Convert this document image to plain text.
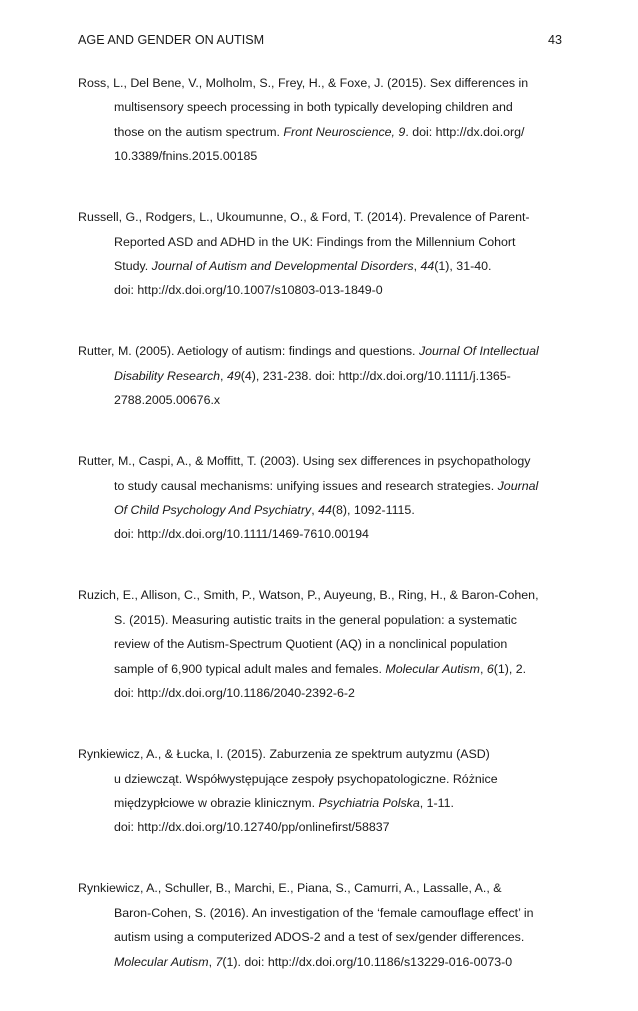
AGE AND GENDER ON AUTISM	43
Ross, L., Del Bene, V., Molholm, S., Frey, H., & Foxe, J. (2015). Sex differences in
multisensory speech processing in both typically developing children and
those on the autism spectrum. Front Neuroscience, 9. doi: http://dx.doi.org/
10.3389/fnins.2015.00185
Russell, G., Rodgers, L., Ukoumunne, O., & Ford, T. (2014). Prevalence of Parent-
Reported ASD and ADHD in the UK: Findings from the Millennium Cohort
Study. Journal of Autism and Developmental Disorders, 44(1), 31-40.
doi: http://dx.doi.org/10.1007/s10803-013-1849-0
Rutter, M. (2005). Aetiology of autism: findings and questions. Journal Of Intellectual
Disability Research, 49(4), 231-238. doi: http://dx.doi.org/10.1111/j.1365-
2788.2005.00676.x
Rutter, M., Caspi, A., & Moffitt, T. (2003). Using sex differences in psychopathology
to study causal mechanisms: unifying issues and research strategies. Journal
Of Child Psychology And Psychiatry, 44(8), 1092-1115.
doi: http://dx.doi.org/10.1111/1469-7610.00194
Ruzich, E., Allison, C., Smith, P., Watson, P., Auyeung, B., Ring, H., & Baron-Cohen,
S. (2015). Measuring autistic traits in the general population: a systematic
review of the Autism-Spectrum Quotient (AQ) in a nonclinical population
sample of 6,900 typical adult males and females. Molecular Autism, 6(1), 2.
doi: http://dx.doi.org/10.1186/2040-2392-6-2
Rynkiewicz, A., & Łucka, I. (2015). Zaburzenia ze spektrum autyzmu (ASD)
u dziewcząt. Współwystępujące zespoły psychopatologiczne. Różnice
międzypłciowe w obrazie klinicznym. Psychiatria Polska, 1-11.
doi: http://dx.doi.org/10.12740/pp/onlinefirst/58837
Rynkiewicz, A., Schuller, B., Marchi, E., Piana, S., Camurri, A., Lassalle, A., &
Baron-Cohen, S. (2016). An investigation of the ‘female camouflage effect’ in
autism using a computerized ADOS-2 and a test of sex/gender differences.
Molecular Autism, 7(1). doi: http://dx.doi.org/10.1186/s13229-016-0073-0
